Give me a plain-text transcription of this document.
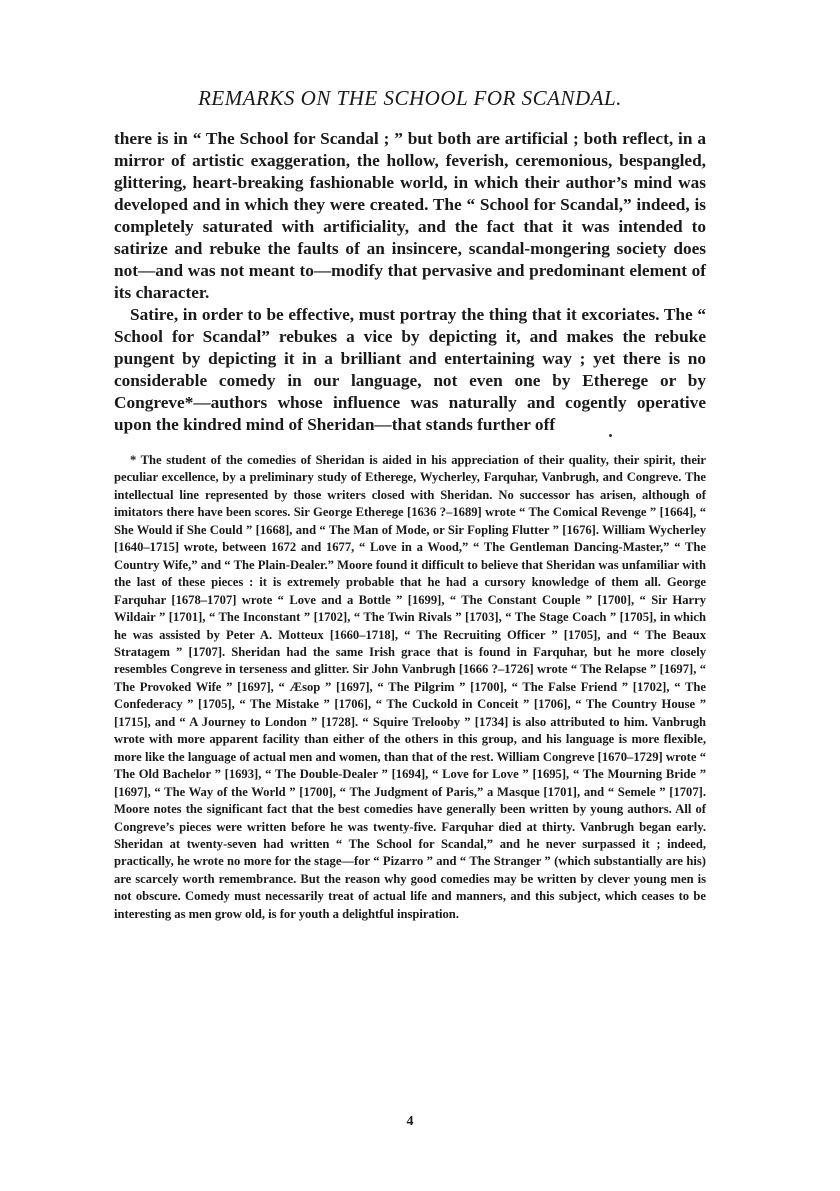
REMARKS ON THE SCHOOL FOR SCANDAL.

there is in “ The School for Scandal ; ” but both are artificial ; both reflect, in a mirror of artistic exaggeration, the hollow, feverish, ceremonious, bespangled, glittering, heart-breaking fashionable world, in which their author’s mind was developed and in which they were created. The “ School for Scandal,” indeed, is completely saturated with artificiality, and the fact that it was intended to satirize and rebuke the faults of an insincere, scandal-mongering society does not—and was not meant to—modify that pervasive and predominant element of its character.

Satire, in order to be effective, must portray the thing that it excoriates. The “ School for Scandal” rebukes a vice by depicting it, and makes the rebuke pungent by depicting it in a brilliant and entertaining way ; yet there is no considerable comedy in our language, not even one by Etherege or by Congreve*—authors whose influence was naturally and cogently operative upon the kindred mind of Sheridan—that stands further off

* The student of the comedies of Sheridan is aided in his appreciation of their quality, their spirit, their peculiar excellence, by a preliminary study of Etherege, Wycherley, Farquhar, Vanbrugh, and Congreve. The intellectual line represented by those writers closed with Sheridan. No successor has arisen, although of imitators there have been scores. Sir George Etherege [1636 ?–1689] wrote “ The Comical Revenge ” [1664], “ She Would if She Could ” [1668], and “ The Man of Mode, or Sir Fopling Flutter ” [1676]. William Wycherley [1640–1715] wrote, between 1672 and 1677, “ Love in a Wood,” “ The Gentleman Dancing-Master,” “ The Country Wife,” and “ The Plain-Dealer.” Moore found it difficult to believe that Sheridan was unfamiliar with the last of these pieces : it is extremely probable that he had a cursory knowledge of them all. George Farquhar [1678–1707] wrote “ Love and a Bottle ” [1699], “ The Constant Couple ” [1700], “ Sir Harry Wildair ” [1701], “ The Inconstant ” [1702], “ The Twin Rivals ” [1703], “ The Stage Coach ” [1705], in which he was assisted by Peter A. Motteux [1660–1718], “ The Recruiting Officer ” [1705], and “ The Beaux Stratagem ” [1707]. Sheridan had the same Irish grace that is found in Farquhar, but he more closely resembles Congreve in terseness and glitter. Sir John Vanbrugh [1666 ?–1726] wrote “ The Relapse ” [1697], “ The Provoked Wife ” [1697], “ Æsop ” [1697], “ The Pilgrim ” [1700], “ The False Friend ” [1702], “ The Confederacy ” [1705], “ The Mistake ” [1706], “ The Cuckold in Conceit ” [1706], “ The Country House ” [1715], and “ A Journey to London ” [1728]. “ Squire Trelooby ” [1734] is also attributed to him. Vanbrugh wrote with more apparent facility than either of the others in this group, and his language is more flexible, more like the language of actual men and women, than that of the rest. William Congreve [1670–1729] wrote “ The Old Bachelor ” [1693], “ The Double-Dealer ” [1694], “ Love for Love ” [1695], “ The Mourning Bride ” [1697], “ The Way of the World ” [1700], “ The Judgment of Paris,” a Masque [1701], and “ Semele ” [1707]. Moore notes the significant fact that the best comedies have generally been written by young authors. All of Congreve’s pieces were written before he was twenty-five. Farquhar died at thirty. Vanbrugh began early. Sheridan at twenty-seven had written “ The School for Scandal,” and he never surpassed it ; indeed, practically, he wrote no more for the stage—for “ Pizarro ” and “ The Stranger ” (which substantially are his) are scarcely worth remembrance. But the reason why good comedies may be written by clever young men is not obscure. Comedy must necessarily treat of actual life and manners, and this subject, which ceases to be interesting as men grow old, is for youth a delightful inspiration.

4
